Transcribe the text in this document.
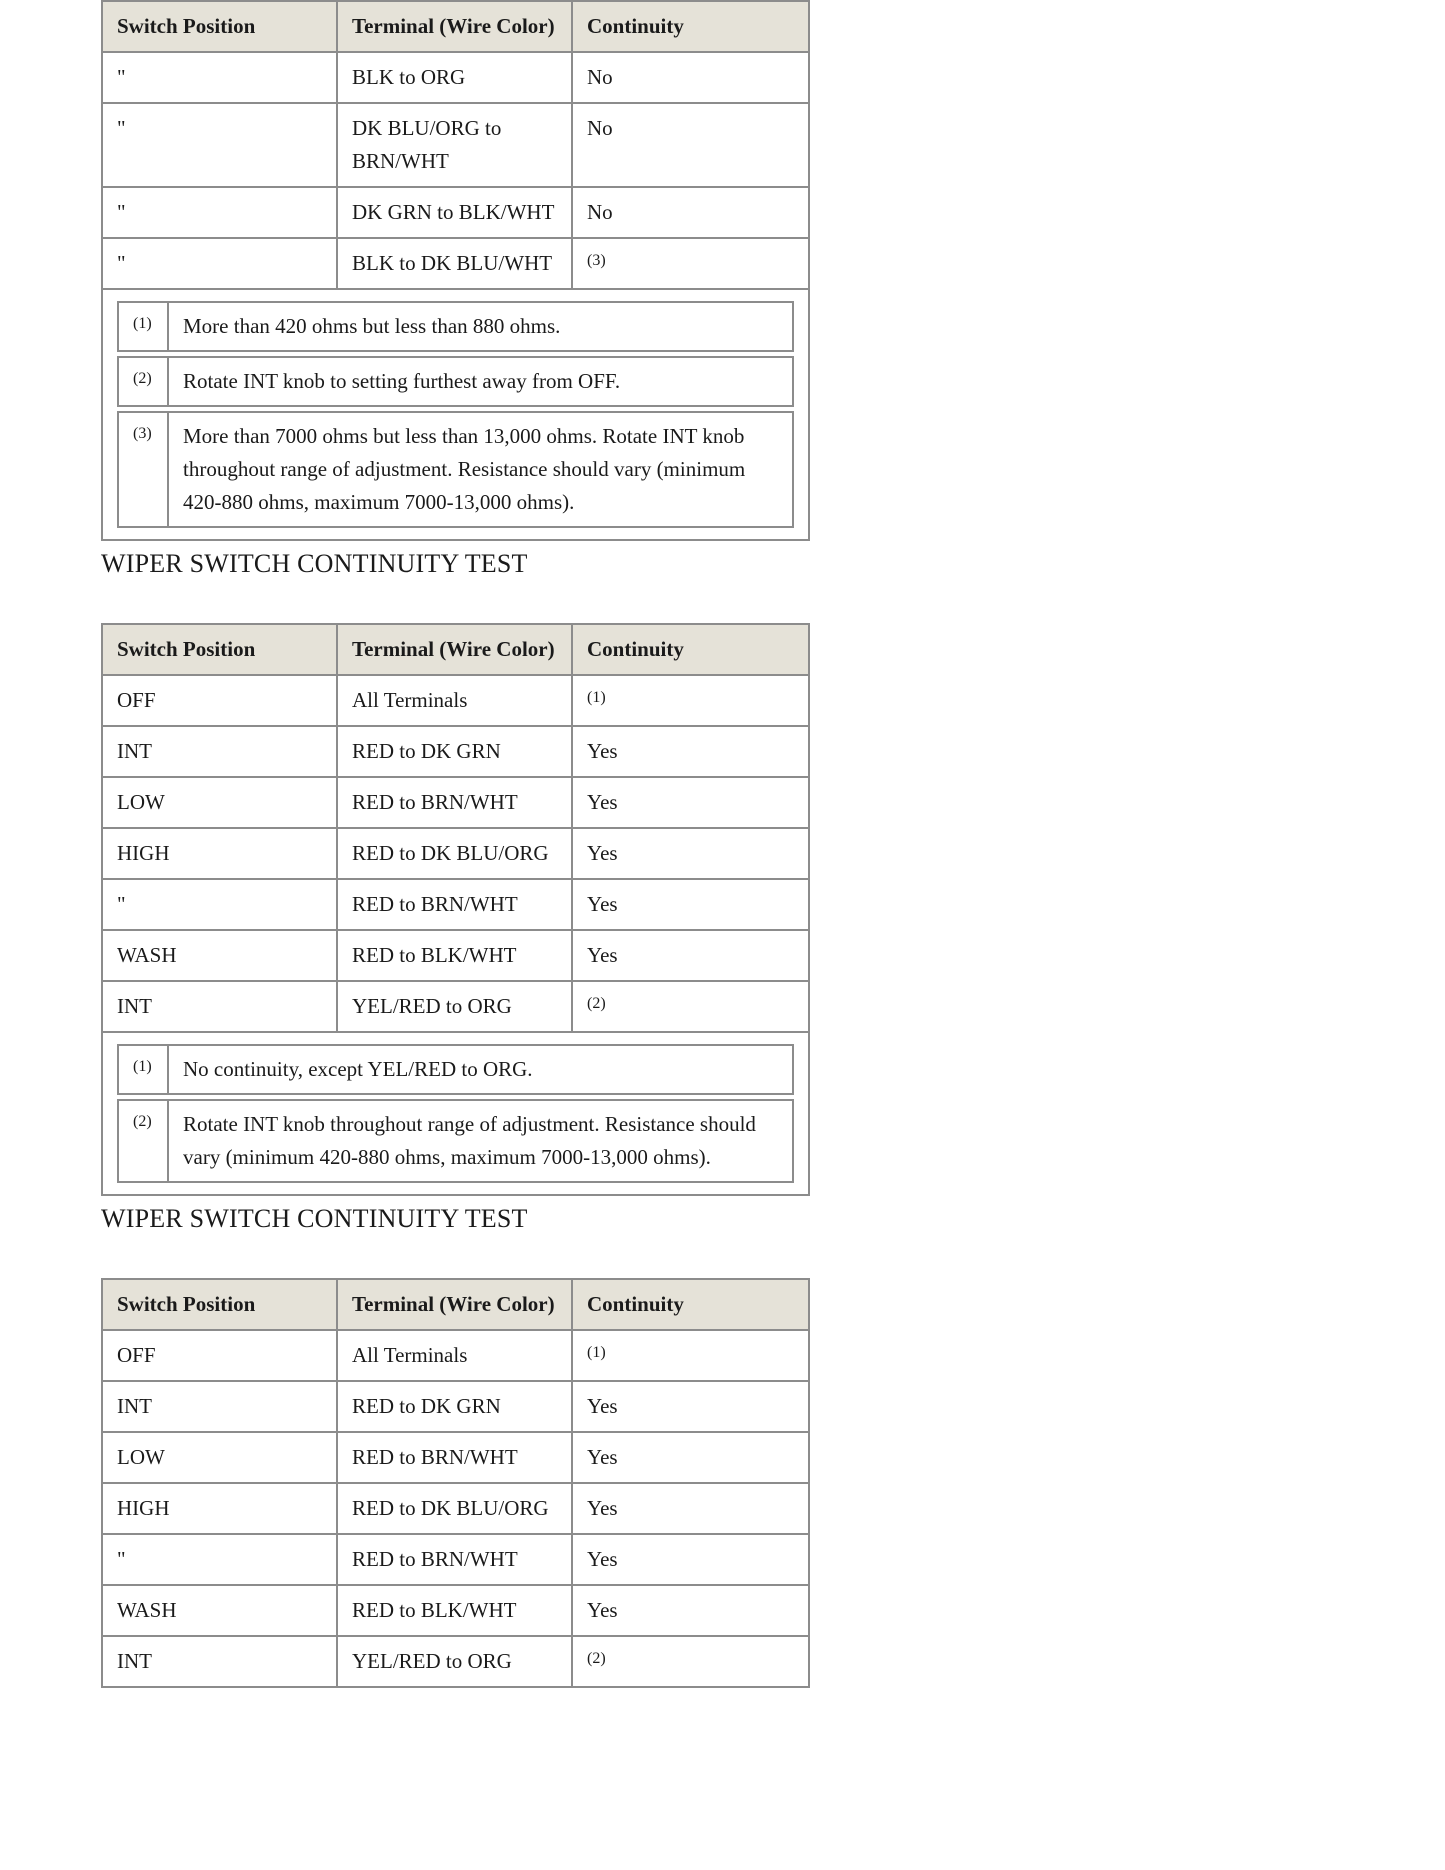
Switch Position	Terminal (Wire Color)	Continuity
"	BLK to ORG	No
"	DK BLU/ORG to BRN/WHT	No
"	DK GRN to BLK/WHT	No
"	BLK to DK BLU/WHT	(3)

(1)	More than 420 ohms but less than 880 ohms.
(2)	Rotate INT knob to setting furthest away from OFF.
(3)	More than 7000 ohms but less than 13,000 ohms. Rotate INT knob throughout range of adjustment. Resistance should vary (minimum 420-880 ohms, maximum 7000-13,000 ohms).
WIPER SWITCH CONTINUITY TEST
Switch Position	Terminal (Wire Color)	Continuity
OFF	All Terminals	(1)
INT	RED to DK GRN	Yes
LOW	RED to BRN/WHT	Yes
HIGH	RED to DK BLU/ORG	Yes
"	RED to BRN/WHT	Yes
WASH	RED to BLK/WHT	Yes
INT	YEL/RED to ORG	(2)

(1)	No continuity, except YEL/RED to ORG.
(2)	Rotate INT knob throughout range of adjustment. Resistance should vary (minimum 420-880 ohms, maximum 7000-13,000 ohms).
WIPER SWITCH CONTINUITY TEST
Switch Position	Terminal (Wire Color)	Continuity
OFF	All Terminals	(1)
INT	RED to DK GRN	Yes
LOW	RED to BRN/WHT	Yes
HIGH	RED to DK BLU/ORG	Yes
"	RED to BRN/WHT	Yes
WASH	RED to BLK/WHT	Yes
INT	YEL/RED to ORG	(2)
